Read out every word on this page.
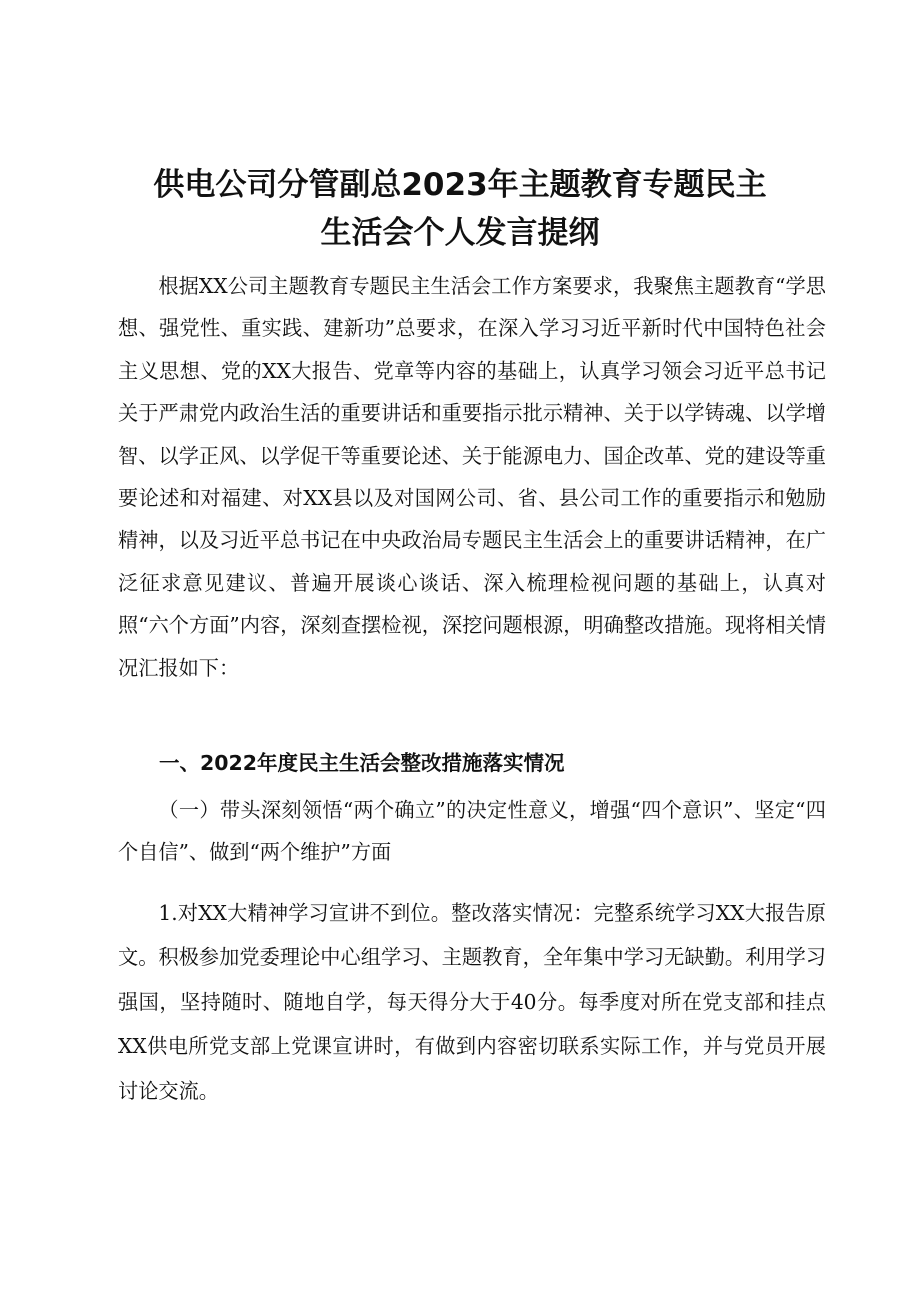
供电公司分管副总2023年主题教育专题民主
生活会个人发言提纲

根据XX公司主题教育专题民主生活会工作方案要求，我聚焦主题教育“学思想、强党性、重实践、建新功”总要求，在深入学习习近平新时代中国特色社会主义思想、党的XX大报告、党章等内容的基础上，认真学习领会习近平总书记关于严肃党内政治生活的重要讲话和重要指示批示精神、关于以学铸魂、以学增智、以学正风、以学促干等重要论述、关于能源电力、国企改革、党的建设等重要论述和对福建、对XX县以及对国网公司、省、县公司工作的重要指示和勉励精神，以及习近平总书记在中央政治局专题民主生活会上的重要讲话精神，在广泛征求意见建议、普遍开展谈心谈话、深入梳理检视问题的基础上，认真对照“六个方面”内容，深刻查摆检视，深挖问题根源，明确整改措施。现将相关情况汇报如下：

一、2022年度民主生活会整改措施落实情况

（一）带头深刻领悟“两个确立”的决定性意义，增强“四个意识”、坚定“四个自信”、做到“两个维护”方面

1.对XX大精神学习宣讲不到位。整改落实情况：完整系统学习XX大报告原文。积极参加党委理论中心组学习、主题教育，全年集中学习无缺勤。利用学习强国，坚持随时、随地自学，每天得分大于40分。每季度对所在党支部和挂点XX供电所党支部上党课宣讲时，有做到内容密切联系实际工作，并与党员开展讨论交流。
